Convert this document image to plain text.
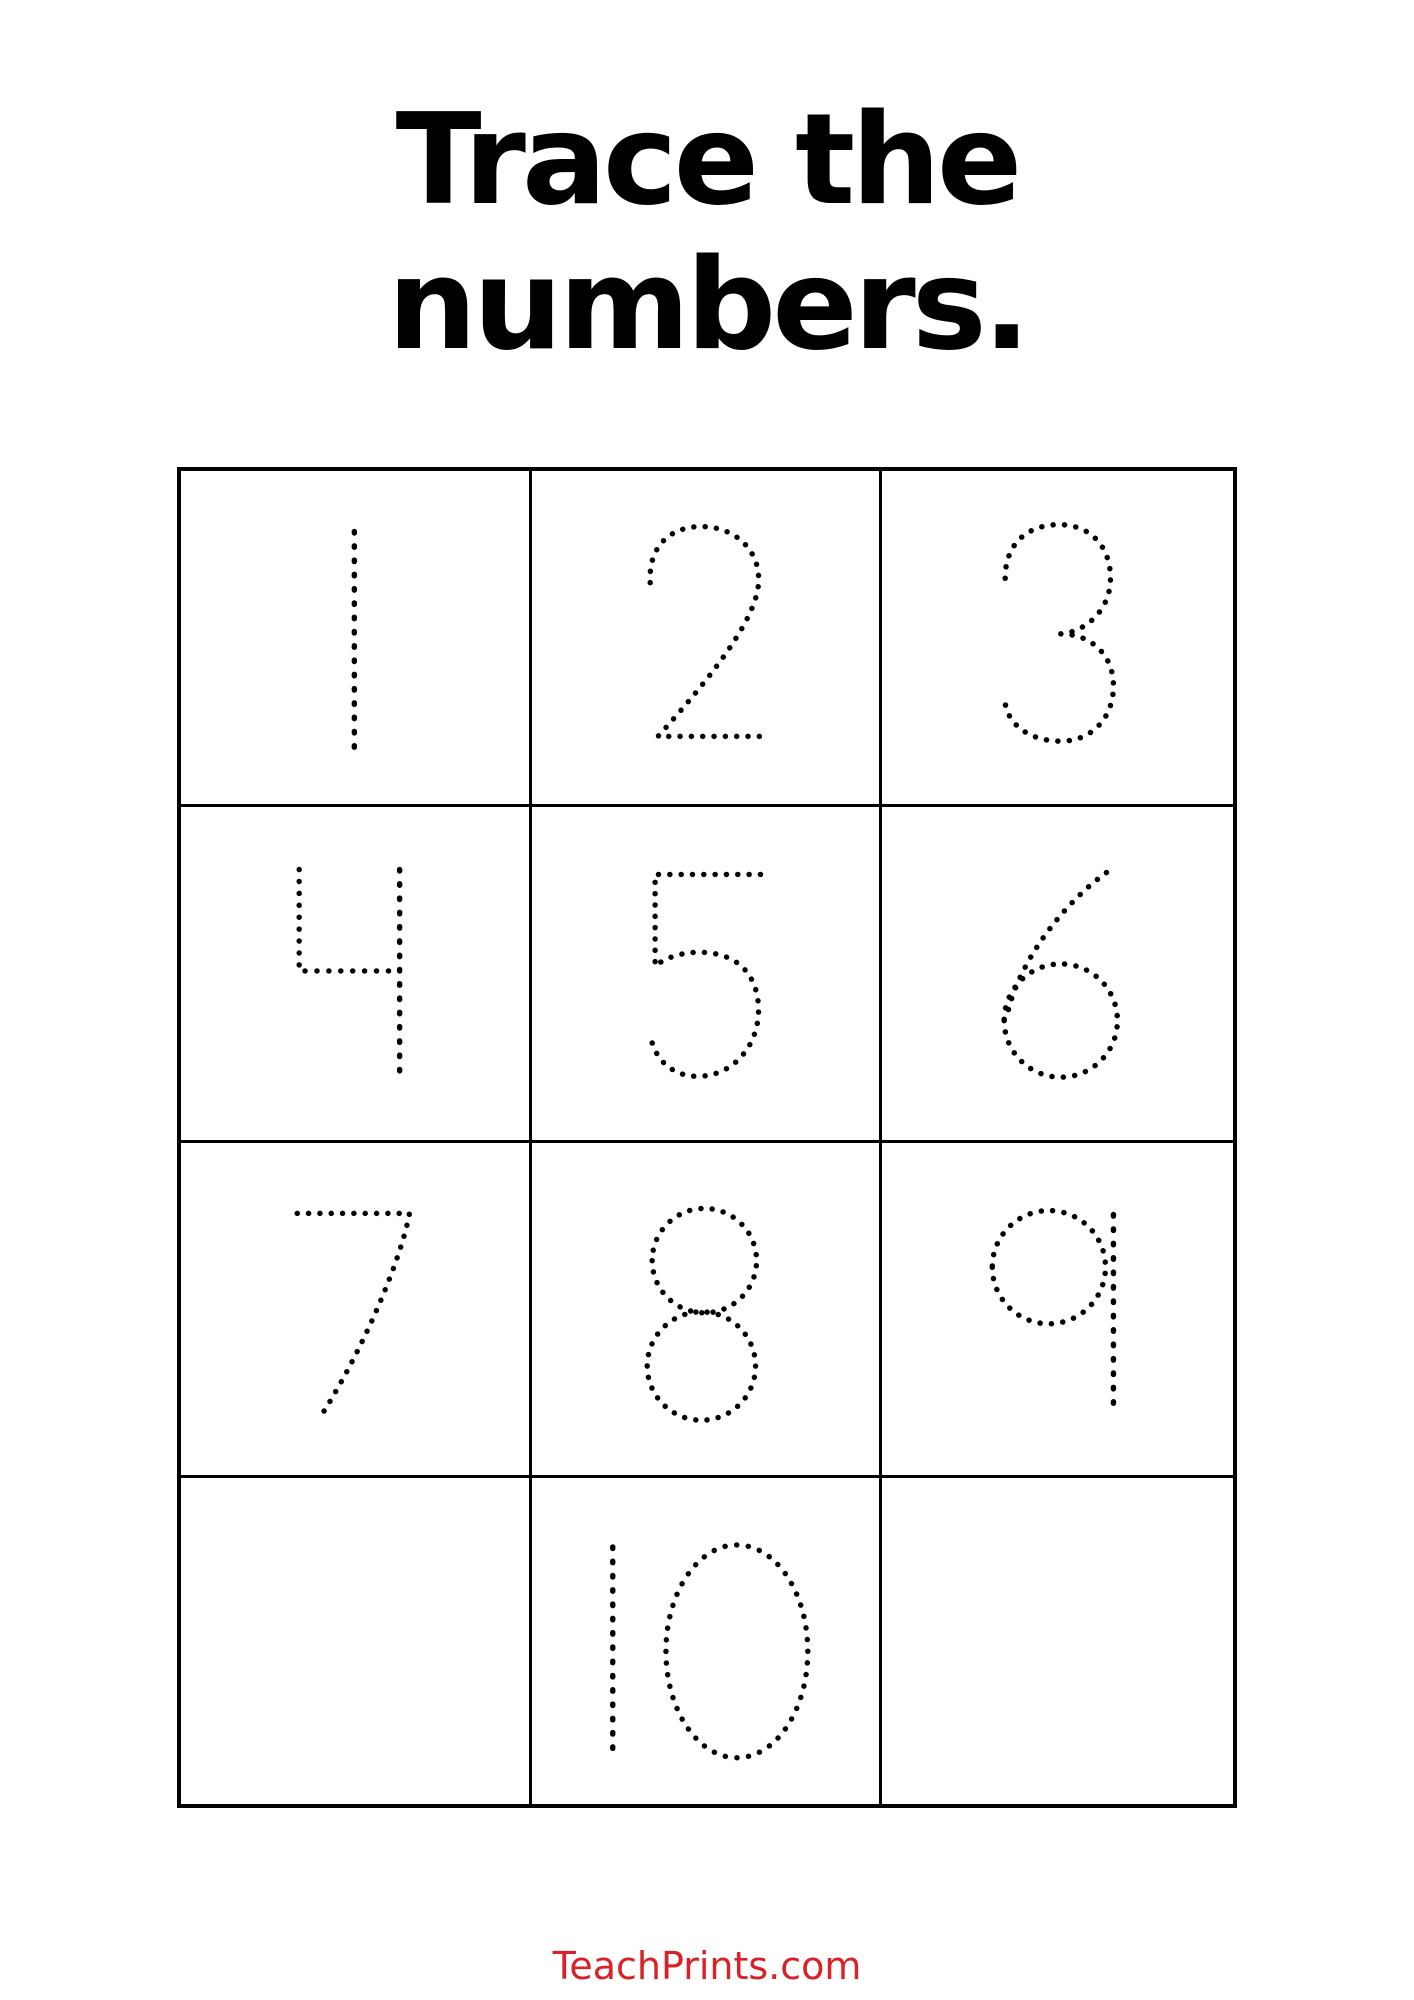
Trace the
numbers.
TeachPrints.com
